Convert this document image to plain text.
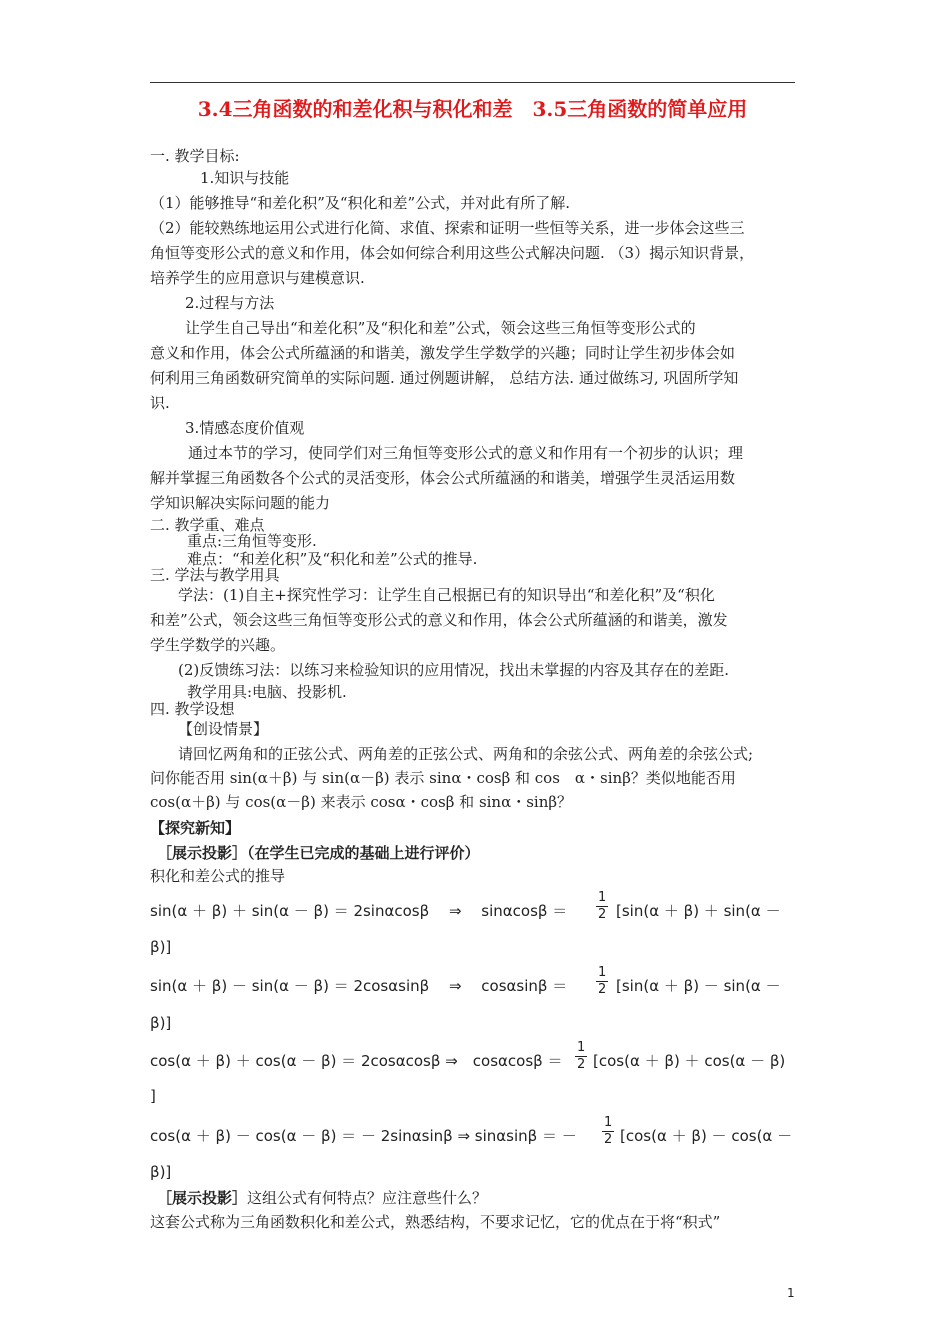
3.4三角函数的和差化积与积化和差　3.5三角函数的简单应用
一. 教学目标:
1.知识与技能
（1）能够推导“和差化积”及“积化和差”公式，并对此有所了解.
（2）能较熟练地运用公式进行化简、求值、探索和证明一些恒等关系，进一步体会这些三
角恒等变形公式的意义和作用，体会如何综合利用这些公式解决问题. （3）揭示知识背景，
培养学生的应用意识与建模意识.
2.过程与方法
让学生自己导出“和差化积”及“积化和差”公式，领会这些三角恒等变形公式的
意义和作用，体会公式所蕴涵的和谐美，激发学生学数学的兴趣；同时让学生初步体会如
何利用三角函数研究简单的实际问题. 通过例题讲解， 总结方法. 通过做练习, 巩固所学知
识.
3.情感态度价值观
通过本节的学习，使同学们对三角恒等变形公式的意义和作用有一个初步的认识；理
解并掌握三角函数各个公式的灵活变形，体会公式所蕴涵的和谐美，增强学生灵活运用数
学知识解决实际问题的能力
二. 教学重、难点
重点:三角恒等变形.
难点：“和差化积”及“积化和差”公式的推导.
三. 学法与教学用具
学法：(1)自主+探究性学习：让学生自己根据已有的知识导出“和差化积”及“积化
和差”公式，领会这些三角恒等变形公式的意义和作用，体会公式所蕴涵的和谐美，激发
学生学数学的兴趣。
(2)反馈练习法：以练习来检验知识的应用情况，找出未掌握的内容及其存在的差距.
教学用具:电脑、投影机.
四. 教学设想
【创设情景】
请回忆两角和的正弦公式、两角差的正弦公式、两角和的余弦公式、两角差的余弦公式;
问你能否用 sin(α＋β) 与 sin(α－β) 表示 sinα・cosβ 和 cos　α・sinβ？类似地能否用
cos(α＋β) 与 cos(α－β) 来表示 cosα・cosβ 和 sinα・sinβ？
【探究新知】
［展示投影］（在学生已完成的基础上进行评价）
积化和差公式的推导
sin(α ＋ β) ＋ sin(α － β) ＝ 2sinαcosβ　 ⇒　 $\sin\alpha\cos\beta = \frac{1}{2} [\sin(\alpha + \beta) + \sin(\alpha$ －
β)]
sin(α ＋ β) － sin(α － β) ＝ 2cosαsinβ　 ⇒　 $\cos\alpha\sin\beta = \frac{1}{2} [\sin(\alpha + \beta) - \sin(\alpha$ －
β)]
cos(α ＋ β) ＋ cos(α － β) ＝ 2cosαcosβ ⇒　$\cos\alpha\cos\beta = \frac{1}{2} [\cos(\alpha + \beta) + \cos(\alpha - \beta)$
]
cos(α ＋ β) － cos(α － β) ＝ － 2sinαsinβ ⇒ sinαsinβ ＝ － $\frac{1}{2} [\cos(\alpha + \beta) - \cos(\alpha$ －
β)]
［展示投影］这组公式有何特点？应注意些什么？
这套公式称为三角函数积化和差公式，熟悉结构，不要求记忆，它的优点在于将“积式”
1
